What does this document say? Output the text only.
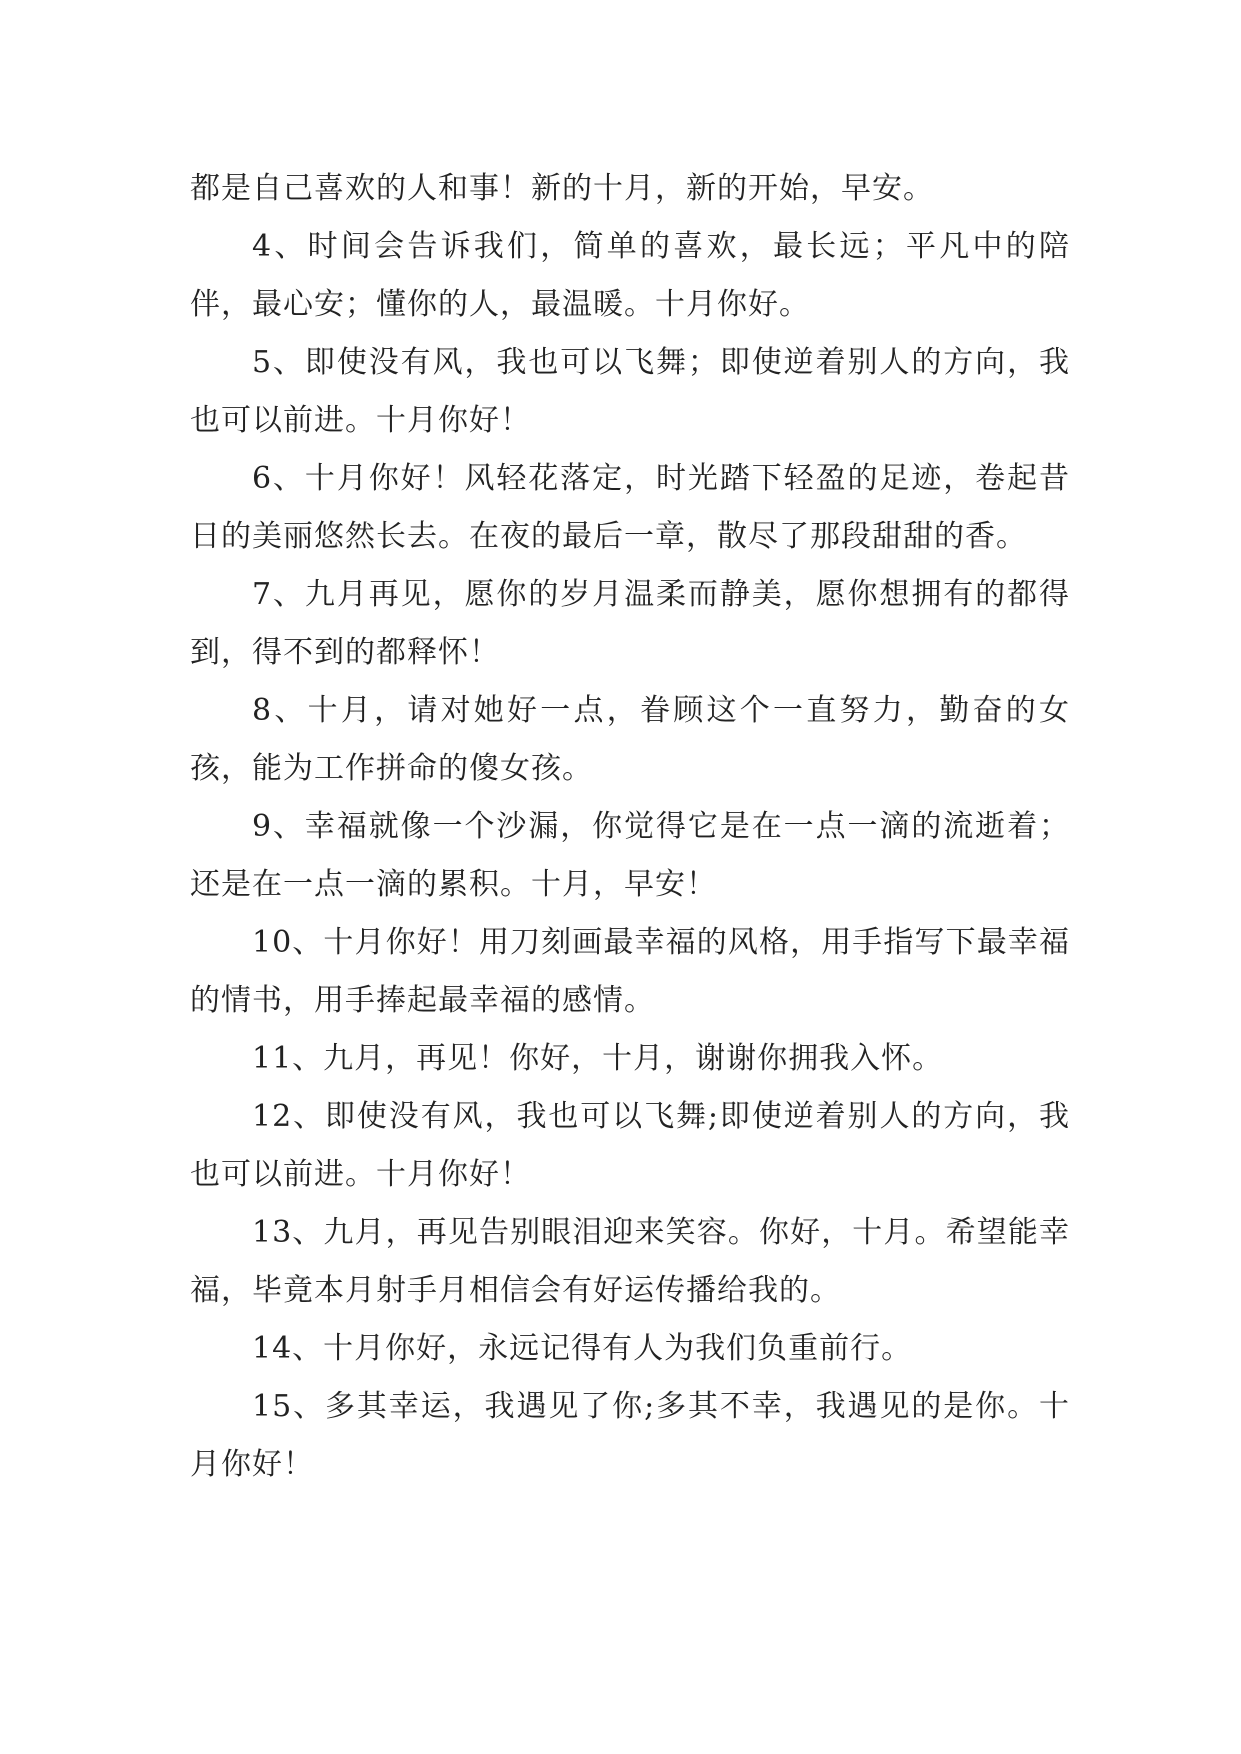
都是自己喜欢的人和事！新的十月，新的开始，早安。

4、时间会告诉我们，简单的喜欢，最长远；平凡中的陪伴，最心安；懂你的人，最温暖。十月你好。

5、即使没有风，我也可以飞舞；即使逆着别人的方向，我也可以前进。十月你好！

6、十月你好！风轻花落定，时光踏下轻盈的足迹，卷起昔日的美丽悠然长去。在夜的最后一章，散尽了那段甜甜的香。

7、九月再见，愿你的岁月温柔而静美，愿你想拥有的都得到，得不到的都释怀！

8、十月，请对她好一点，眷顾这个一直努力，勤奋的女孩，能为工作拼命的傻女孩。

9、幸福就像一个沙漏，你觉得它是在一点一滴的流逝着；还是在一点一滴的累积。十月，早安！

10、十月你好！用刀刻画最幸福的风格，用手指写下最幸福的情书，用手捧起最幸福的感情。

11、九月，再见！你好，十月，谢谢你拥我入怀。

12、即使没有风，我也可以飞舞;即使逆着别人的方向，我也可以前进。十月你好！

13、九月，再见告别眼泪迎来笑容。你好，十月。希望能幸福，毕竟本月射手月相信会有好运传播给我的。

14、十月你好，永远记得有人为我们负重前行。

15、多其幸运，我遇见了你;多其不幸，我遇见的是你。十月你好！
